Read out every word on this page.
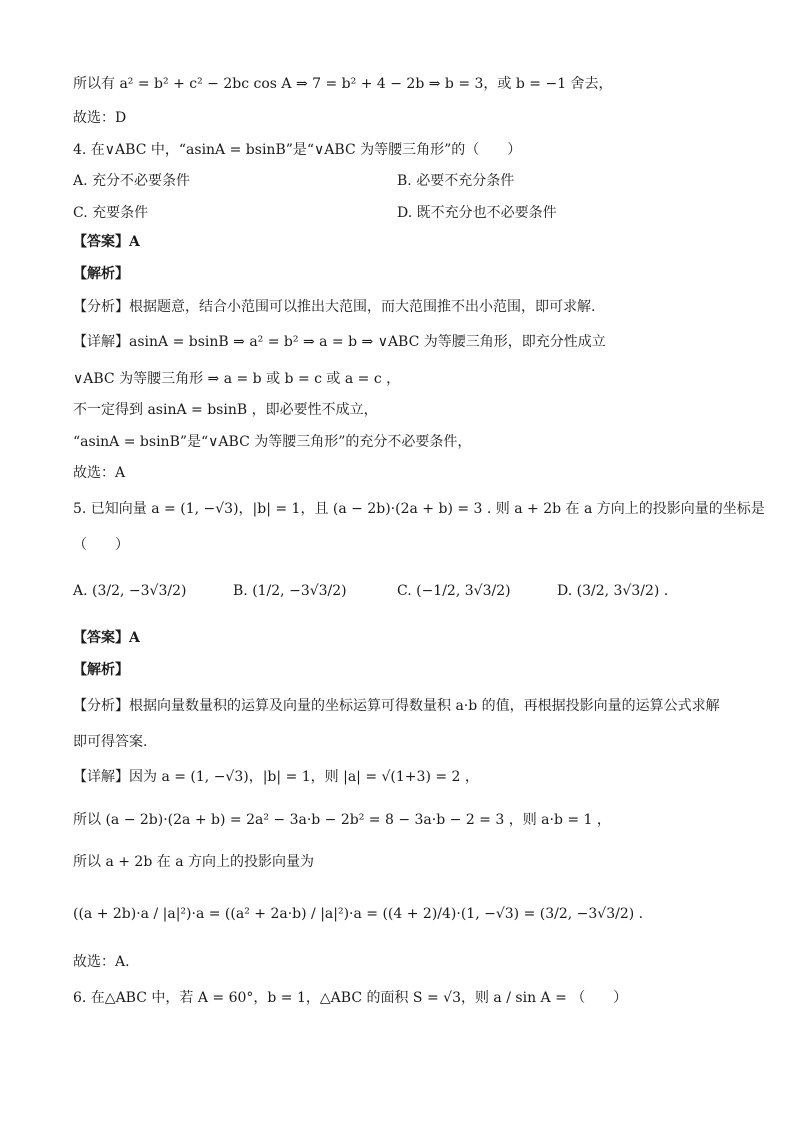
所以有 a² = b² + c² − 2bc cos A ⇒ 7 = b² + 4 − 2b ⇒ b = 3，或 b = −1 舍去，
故选：D
4. 在∨ABC 中，“asinA = bsinB”是“∨ABC 为等腰三角形”的（　　）
A. 充分不必要条件	B. 必要不充分条件
C. 充要条件	D. 既不充分也不必要条件
【答案】A
【解析】
【分析】根据题意，结合小范围可以推出大范围，而大范围推不出小范围，即可求解.
【详解】asinA = bsinB ⇒ a² = b² ⇒ a = b ⇒ ∨ABC 为等腰三角形，即充分性成立
∨ABC 为等腰三角形 ⇒ a = b 或 b = c 或 a = c ，
不一定得到 asinA = bsinB ，即必要性不成立，
“asinA = bsinB”是“∨ABC 为等腰三角形”的充分不必要条件，
故选：A
5. 已知向量 a = (1, −√3)，|b| = 1，且 (a − 2b)·(2a + b) = 3 . 则 a + 2b 在 a 方向上的投影向量的坐标是
（　　）
A. (3/2, −3√3/2)	B. (1/2, −3√3/2)	C. (−1/2, 3√3/2)	D. (3/2, 3√3/2) .
【答案】A
【解析】
【分析】根据向量数量积的运算及向量的坐标运算可得数量积 a·b 的值，再根据投影向量的运算公式求解
即可得答案.
【详解】因为 a = (1, −√3)，|b| = 1，则 |a| = √(1+3) = 2 ，
所以 (a − 2b)·(2a + b) = 2a² − 3a·b − 2b² = 8 − 3a·b − 2 = 3 ，则 a·b = 1 ，
所以 a + 2b 在 a 方向上的投影向量为
((a + 2b)·a / |a|²)·a = ((a² + 2a·b) / |a|²)·a = ((4 + 2)/4)·(1, −√3) = (3/2, −3√3/2) .
故选：A.
6. 在△ABC 中，若 A = 60°，b = 1，△ABC 的面积 S = √3，则 a / sin A = （　　）
